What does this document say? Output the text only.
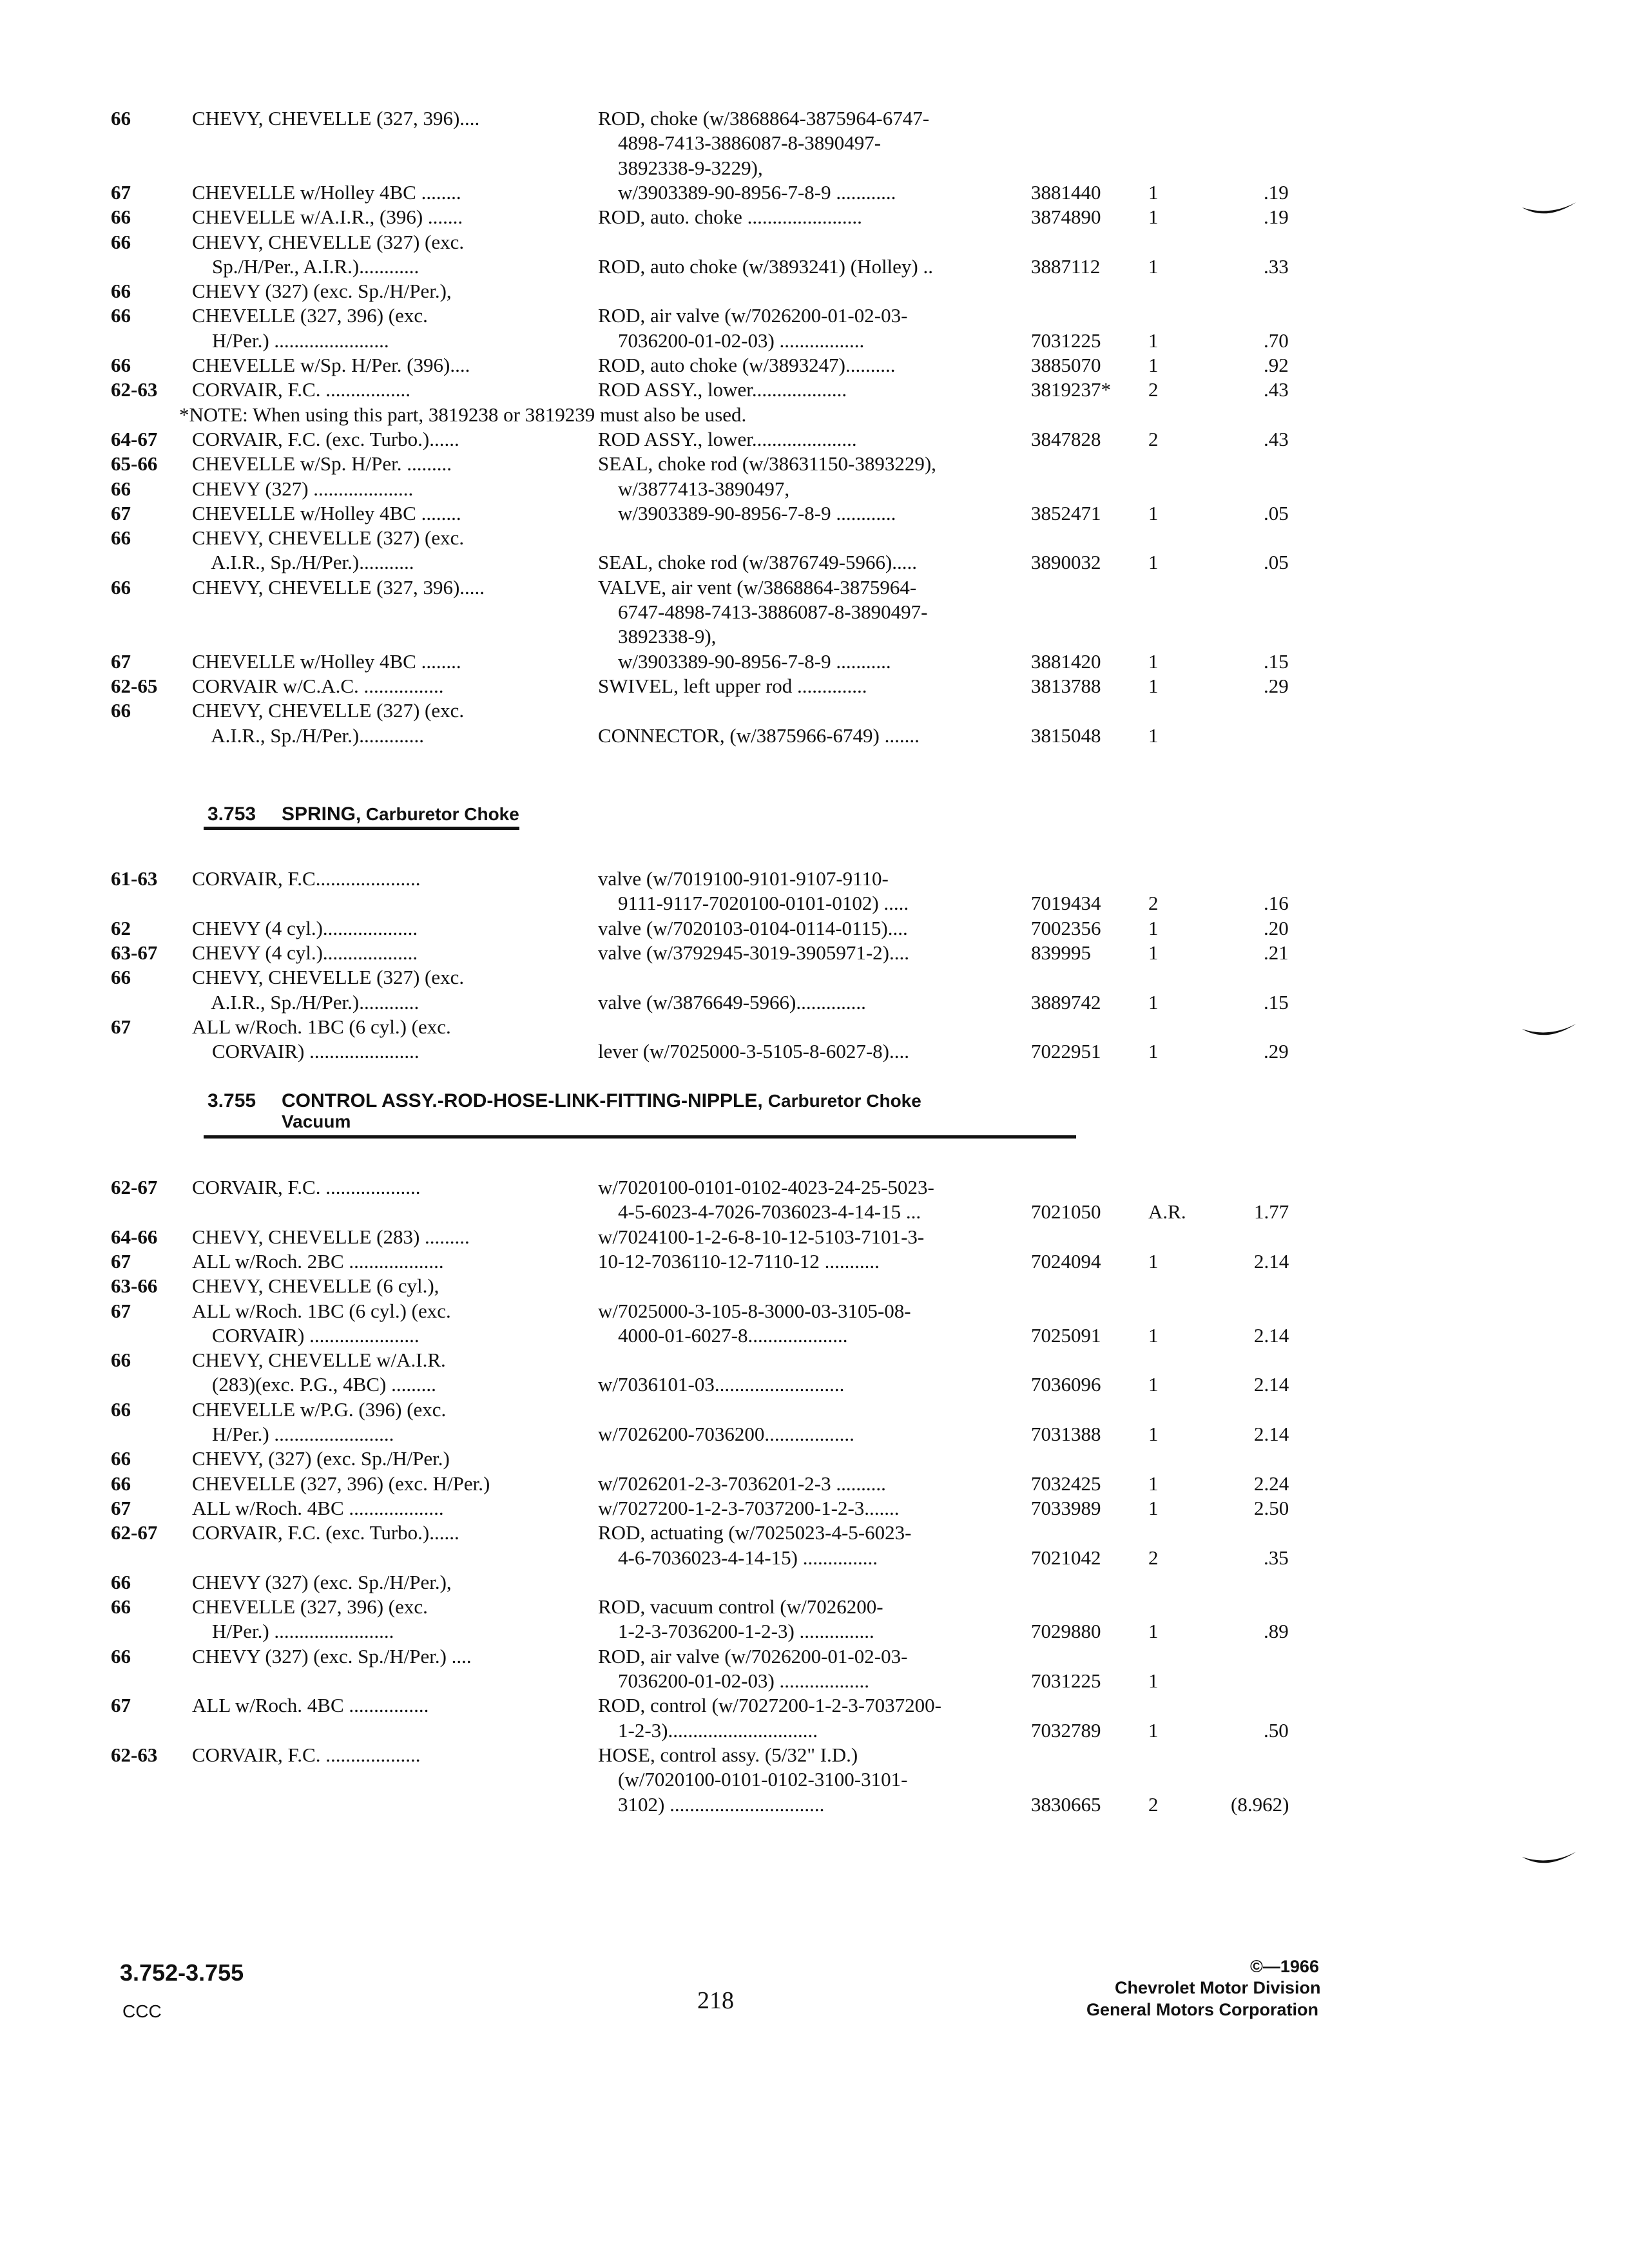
66	CHEVY, CHEVELLE (327, 396)....	ROD, choke (w/3868864-3875964-6747-
4898-7413-3886087-8-3890497-
3892338-9-3229),
67	CHEVELLE w/Holley 4BC ........	w/3903389-90-8956-7-8-9 ............	3881440 1	.19
66	CHEVELLE w/A.I.R., (396) .......	ROD, auto. choke .......................	3874890 1	.19
66	CHEVY, CHEVELLE (327) (exc.
Sp./H/Per., A.I.R.)............	ROD, auto choke (w/3893241) (Holley) ..	3887112 1	.33
66	CHEVY (327) (exc. Sp./H/Per.),
66	CHEVELLE (327, 396) (exc.	ROD, air valve (w/7026200-01-02-03-
H/Per.) .......................	7036200-01-02-03) .................	7031225 1	.70
66	CHEVELLE w/Sp. H/Per. (396)....	ROD, auto choke (w/3893247)..........	3885070 1	.92
62-63 CORVAIR, F.C. .................	ROD ASSY., lower...................	3819237* 2	.43
*NOTE: When using this part, 3819238 or 3819239 must also be used.
64-67 CORVAIR, F.C. (exc. Turbo.)......	ROD ASSY., lower.....................	3847828 2	.43
65-66 CHEVELLE w/Sp. H/Per. .........	SEAL, choke rod (w/38631150-3893229),
66	CHEVY (327) ....................	w/3877413-3890497,
67	CHEVELLE w/Holley 4BC ........	w/3903389-90-8956-7-8-9 ............	3852471 1	.05
66	CHEVY, CHEVELLE (327) (exc.
A.I.R., Sp./H/Per.)...........	SEAL, choke rod (w/3876749-5966).....	3890032 1	.05
66	CHEVY, CHEVELLE (327, 396).....	VALVE, air vent (w/3868864-3875964-
6747-4898-7413-3886087-8-3890497-
3892338-9),
67	CHEVELLE w/Holley 4BC ........	w/3903389-90-8956-7-8-9 ...........	3881420 1	.15
62-65 CORVAIR w/C.A.C. ................	SWIVEL, left upper rod ..............	3813788 1	.29
66	CHEVY, CHEVELLE (327) (exc.
A.I.R., Sp./H/Per.).............	CONNECTOR, (w/3875966-6749) .......	3815048 1
3.753 SPRING, Carburetor Choke
61-63 CORVAIR, F.C.....................	valve (w/7019100-9101-9107-9110-
9111-9117-7020100-0101-0102) .....	7019434 2	.16
62	CHEVY (4 cyl.)...................	valve (w/7020103-0104-0114-0115)....	7002356 1	.20
63-67 CHEVY (4 cyl.)...................	valve (w/3792945-3019-3905971-2)....	839995	1	.21
66	CHEVY, CHEVELLE (327) (exc.
A.I.R., Sp./H/Per.)............	valve (w/3876649-5966)..............	3889742 1	.15
67	ALL w/Roch. 1BC (6 cyl.) (exc.
CORVAIR) ......................	lever (w/7025000-3-5105-8-6027-8)....	7022951 1	.29
3.755 CONTROL ASSY.-ROD-HOSE-LINK-FITTING-NIPPLE, Carburetor Choke
Vacuum
62-67 CORVAIR, F.C. ...................	w/7020100-0101-0102-4023-24-25-5023-
4-5-6023-4-7026-7036023-4-14-15 ...	7021050 A.R.	1.77
64-66 CHEVY, CHEVELLE (283) .........	w/7024100-1-2-6-8-10-12-5103-7101-3-
67	ALL w/Roch. 2BC ...................	10-12-7036110-12-7110-12 ...........	7024094 1	2.14
63-66 CHEVY, CHEVELLE (6 cyl.),
67	ALL w/Roch. 1BC (6 cyl.) (exc.	w/7025000-3-105-8-3000-03-3105-08-
CORVAIR) ......................	4000-01-6027-8....................	7025091 1	2.14
66	CHEVY, CHEVELLE w/A.I.R.
(283)(exc. P.G., 4BC) .........	w/7036101-03..........................	7036096 1	2.14
66	CHEVELLE w/P.G. (396) (exc.
H/Per.) ........................	w/7026200-7036200..................	7031388 1	2.14
66	CHEVY, (327) (exc. Sp./H/Per.)
66	CHEVELLE (327, 396) (exc. H/Per.)	w/7026201-2-3-7036201-2-3 ..........	7032425 1	2.24
67	ALL w/Roch. 4BC ...................	w/7027200-1-2-3-7037200-1-2-3.......	7033989 1	2.50
62-67 CORVAIR, F.C. (exc. Turbo.)......	ROD, actuating (w/7025023-4-5-6023-
4-6-7036023-4-14-15) ...............	7021042 2	.35
66	CHEVY (327) (exc. Sp./H/Per.),
66	CHEVELLE (327, 396) (exc.	ROD, vacuum control (w/7026200-
H/Per.) ........................	1-2-3-7036200-1-2-3) ...............	7029880 1	.89
66	CHEVY (327) (exc. Sp./H/Per.) ....	ROD, air valve (w/7026200-01-02-03-
7036200-01-02-03) ..................	7031225 1
67	ALL w/Roch. 4BC ................	ROD, control (w/7027200-1-2-3-7037200-
1-2-3)..............................	7032789 1	.50
62-63 CORVAIR, F.C. ...................	HOSE, control assy. (5/32" I.D.)
(w/7020100-0101-0102-3100-3101-
3102) ...............................	3830665 2	(8.962)
3.752-3.755
CCC	218
©—1966
Chevrolet Motor Division
General Motors Corporation
